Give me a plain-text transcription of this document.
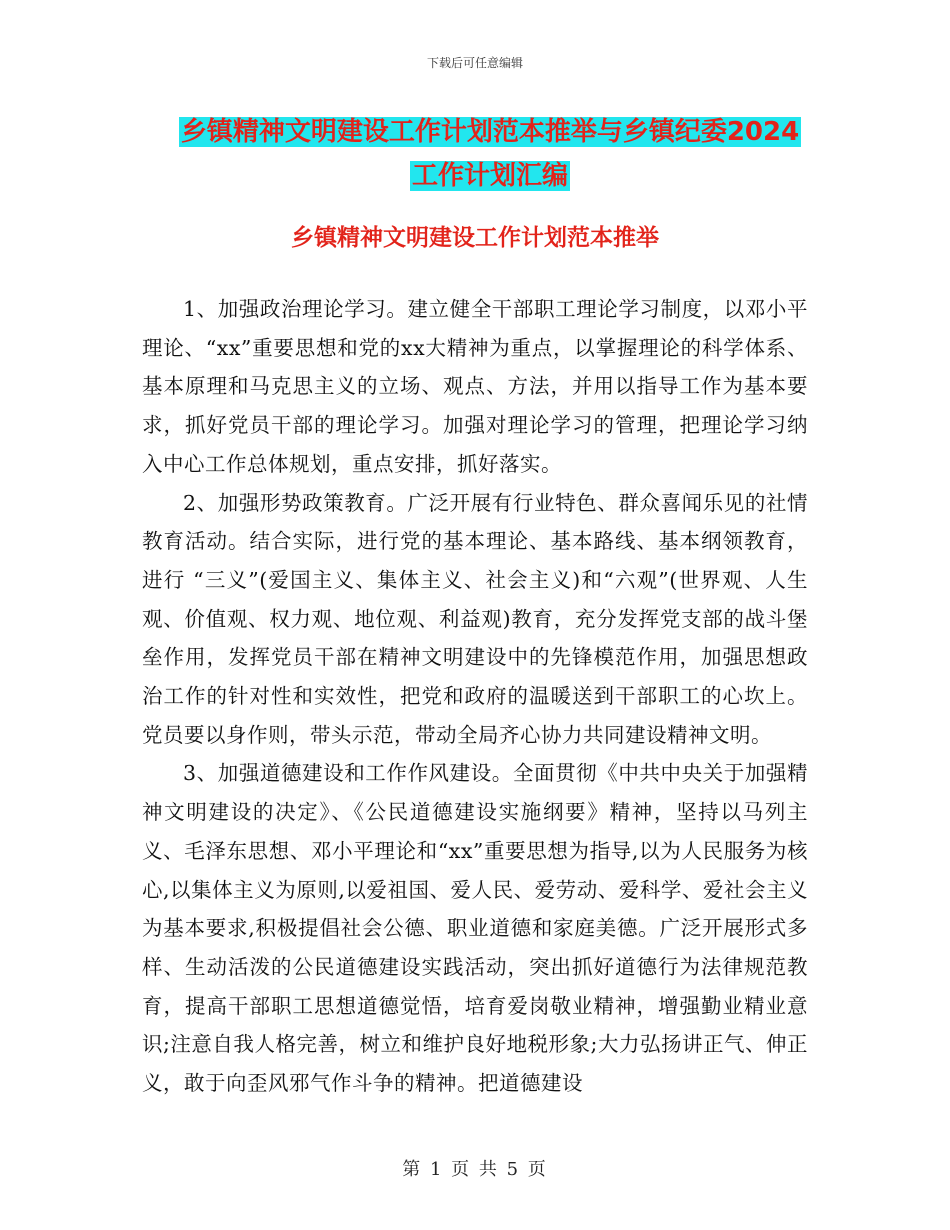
下载后可任意编辑
乡镇精神文明建设工作计划范本推举与乡镇纪委2024
工作计划汇编
乡镇精神文明建设工作计划范本推举

1、加强政治理论学习。建立健全干部职工理论学习制度，以邓小平理论、“xx”重要思想和党的xx大精神为重点，以掌握理论的科学体系、基本原理和马克思主义的立场、观点、方法，并用以指导工作为基本要求，抓好党员干部的理论学习。加强对理论学习的管理，把理论学习纳入中心工作总体规划，重点安排，抓好落实。

2、加强形势政策教育。广泛开展有行业特色、群众喜闻乐见的社情教育活动。结合实际，进行党的基本理论、基本路线、基本纲领教育，进行 “三义”(爱国主义、集体主义、社会主义)和“六观”(世界观、人生观、价值观、权力观、地位观、利益观)教育，充分发挥党支部的战斗堡垒作用，发挥党员干部在精神文明建设中的先锋模范作用，加强思想政治工作的针对性和实效性，把党和政府的温暖送到干部职工的心坎上。党员要以身作则，带头示范，带动全局齐心协力共同建设精神文明。

3、加强道德建设和工作作风建设。全面贯彻《中共中央关于加强精神文明建设的决定》、《公民道德建设实施纲要》精神，坚持以马列主义、毛泽东思想、邓小平理论和“xx”重要思想为指导,以为人民服务为核心,以集体主义为原则,以爱祖国、爱人民、爱劳动、爱科学、爱社会主义为基本要求,积极提倡社会公德、职业道德和家庭美德。广泛开展形式多样、生动活泼的公民道德建设实践活动，突出抓好道德行为法律规范教育，提高干部职工思想道德觉悟，培育爱岗敬业精神，增强勤业精业意识;注意自我人格完善，树立和维护良好地税形象;大力弘扬讲正气、伸正义，敢于向歪风邪气作斗争的精神。把道德建设

第 1 页 共 5 页
